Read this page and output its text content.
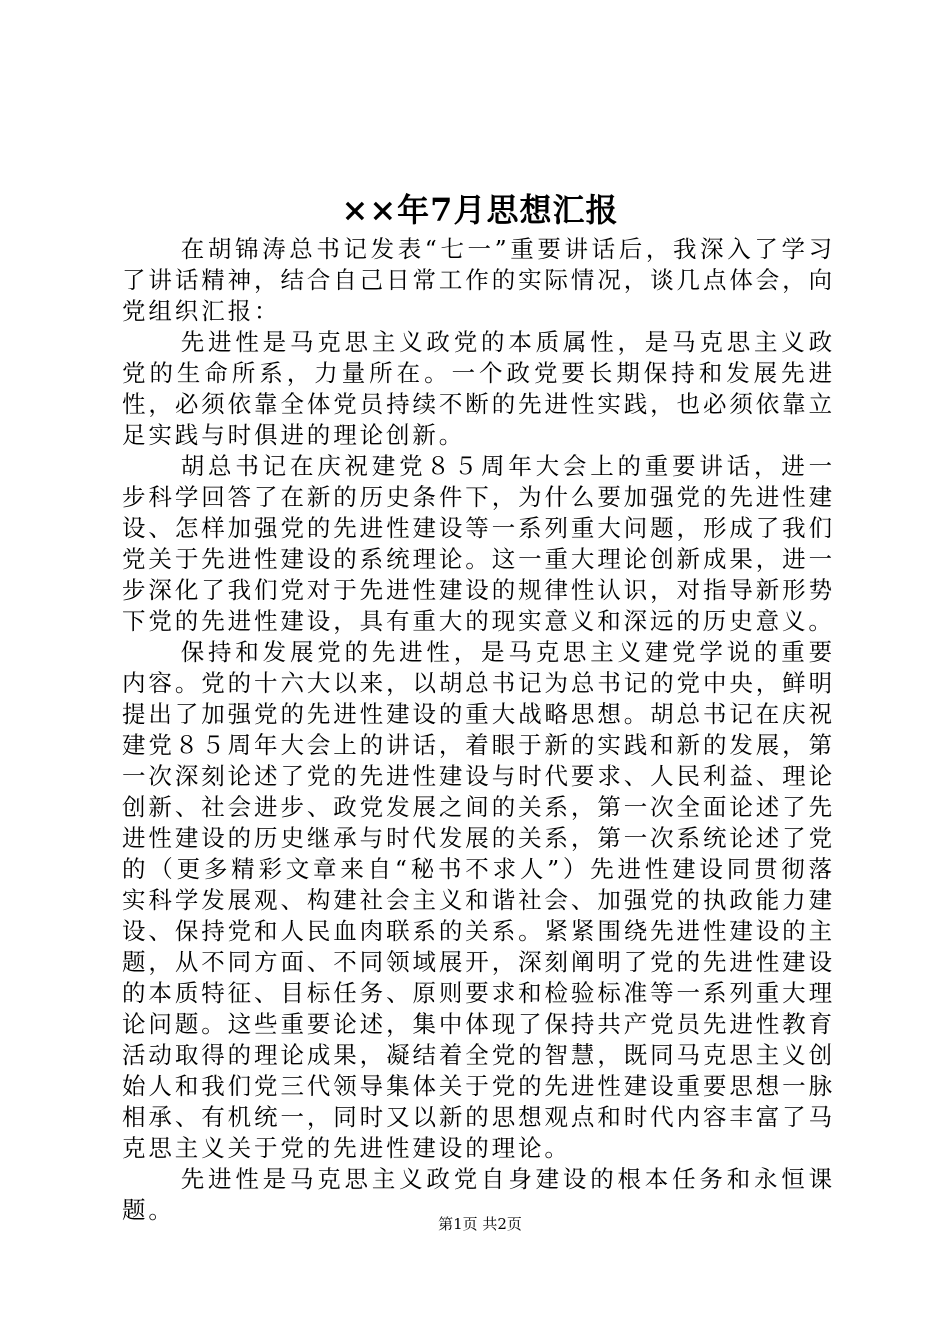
××年7月思想汇报

在胡锦涛总书记发表“七一”重要讲话后，我深入了学习了讲话精神，结合自己日常工作的实际情况，谈几点体会，向党组织汇报：

先进性是马克思主义政党的本质属性，是马克思主义政党的生命所系，力量所在。一个政党要长期保持和发展先进性，必须依靠全体党员持续不断的先进性实践，也必须依靠立足实践与时俱进的理论创新。

胡总书记在庆祝建党８５周年大会上的重要讲话，进一步科学回答了在新的历史条件下，为什么要加强党的先进性建设、怎样加强党的先进性建设等一系列重大问题，形成了我们党关于先进性建设的系统理论。这一重大理论创新成果，进一步深化了我们党对于先进性建设的规律性认识，对指导新形势下党的先进性建设，具有重大的现实意义和深远的历史意义。

保持和发展党的先进性，是马克思主义建党学说的重要内容。党的十六大以来，以胡总书记为总书记的党中央，鲜明提出了加强党的先进性建设的重大战略思想。胡总书记在庆祝建党８５周年大会上的讲话，着眼于新的实践和新的发展，第一次深刻论述了党的先进性建设与时代要求、人民利益、理论创新、社会进步、政党发展之间的关系，第一次全面论述了先进性建设的历史继承与时代发展的关系，第一次系统论述了党的（更多精彩文章来自“秘书不求人”）先进性建设同贯彻落实科学发展观、构建社会主义和谐社会、加强党的执政能力建设、保持党和人民血肉联系的关系。紧紧围绕先进性建设的主题，从不同方面、不同领域展开，深刻阐明了党的先进性建设的本质特征、目标任务、原则要求和检验标准等一系列重大理论问题。这些重要论述，集中体现了保持共产党员先进性教育活动取得的理论成果，凝结着全党的智慧，既同马克思主义创始人和我们党三代领导集体关于党的先进性建设重要思想一脉相承、有机统一，同时又以新的思想观点和时代内容丰富了马克思主义关于党的先进性建设的理论。

先进性是马克思主义政党自身建设的根本任务和永恒课题。	第1页 共2页
